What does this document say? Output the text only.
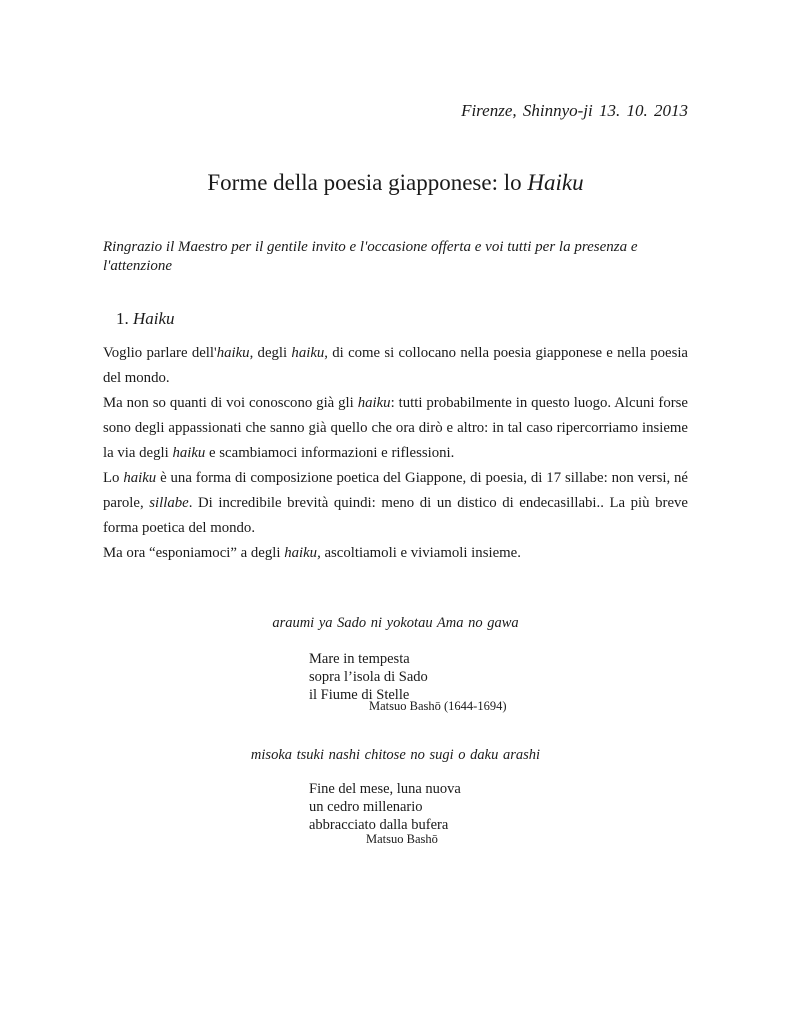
Firenze, Shinnyo-ji 13. 10. 2013
Forme della poesia giapponese: lo Haiku
Ringrazio il Maestro per il gentile invito e l'occasione offerta e voi tutti per la presenza e l'attenzione
1. Haiku

Voglio parlare dell'haiku, degli haiku, di come si collocano nella poesia giapponese e nella poesia del mondo.

Ma non so quanti di voi conoscono già gli haiku: tutti probabilmente in questo luogo. Alcuni forse sono degli appassionati che sanno già quello che ora dirò e altro: in tal caso ripercorriamo insieme la via degli haiku e scambiamoci informazioni e riflessioni.

Lo haiku è una forma di composizione poetica del Giappone, di poesia, di 17 sillabe: non versi, né parole, sillabe. Di incredibile brevità quindi: meno di un distico di endecasillabi.. La più breve forma poetica del mondo.

Ma ora “esponiamoci” a degli haiku, ascoltiamoli e viviamoli insieme.

araumi ya Sado ni yokotau Ama no gawa
Mare in tempesta
sopra l’isola di Sado
il Fiume di Stelle
Matsuo Bashō (1644-1694)
misoka tsuki nashi chitose no sugi o daku arashi
Fine del mese, luna nuova
un cedro millenario
abbracciato dalla bufera
Matsuo Bashō
